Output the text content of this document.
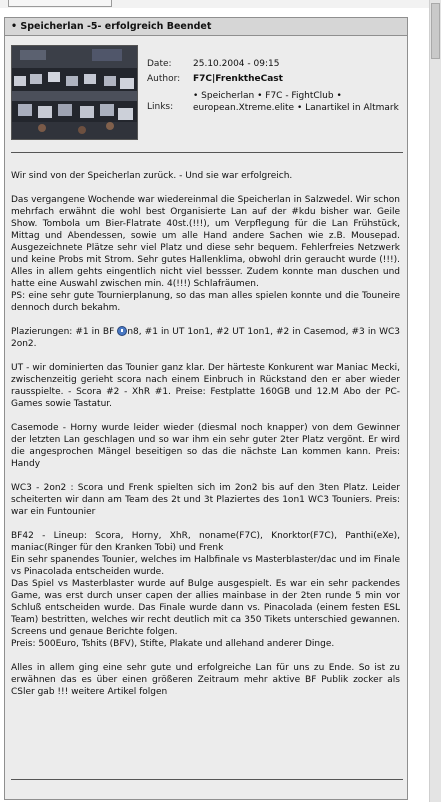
• Speicherlan -5- erfolgreich Beendet
Date: 25.10.2004 - 09:15
Author: F7C|FrenktheCast
Links:
• Speicherlan • F7C - FightClub • european.Xtreme.elite • Lanartikel in Altmark

Wir sind von der Speicherlan zurück. - Und sie war erfolgreich.

Das vergangene Wochende war wiedereinmal die Speicherlan in Salzwedel. Wir schon mehrfach erwähnt die wohl best Organisierte Lan auf der #kdu bisher war. Geile Show. Tombola um Bier-Flatrate 40st.(!!!), um Verpflegung für die Lan Frühstück, Mittag und Abendessen, sowie um alle Hand andere Sachen wie z.B. Mousepad. Ausgezeichnete Plätze sehr viel Platz und diese sehr bequem. Fehlerfreies Netzwerk und keine Probs mit Strom. Sehr gutes Hallenklima, obwohl drin geraucht wurde (!!!). Alles in allem gehts eingentlich nicht viel bessser. Zudem konnte man duschen und hatte eine Auswahl zwischen min. 4(!!!) Schlafräumen.
PS: eine sehr gute Tournierplanung, so das man alles spielen konnte und die Touneire dennoch durch bekahm.

Plazierungen: #1 in BF n8, #1 in UT 1on1, #2 UT 1on1, #2 in Casemod, #3 in WC3 2on2.

UT - wir dominierten das Tounier ganz klar. Der härteste Konkurent war Maniac Mecki, zwischenzeitig gerieht scora nach einem Einbruch in Rückstand den er aber wieder rausspielte. - Scora #2 - XhR #1. Preise: Festplatte 160GB und 12.M Abo der PC-Games sowie Tastatur.

Casemode - Horny wurde leider wieder (diesmal noch knapper) von dem Gewinner der letzten Lan geschlagen und so war ihm ein sehr guter 2ter Platz vergönt. Er wird die angesprochen Mängel beseitigen so das die nächste Lan kommen kann. Preis: Handy

WC3 - 2on2 : Scora und Frenk spielten sich im 2on2 bis auf den 3ten Platz. Leider scheiterten wir dann am Team des 2t und 3t Plaziertes des 1on1 WC3 Touniers. Preis: war ein Funtounier

BF42 - Lineup: Scora, Horny, XhR, noname(F7C), Knorktor(F7C), Panthi(eXe), maniac(Ringer für den Kranken Tobi) und Frenk
Ein sehr spanendes Tounier, welches im Halbfinale vs Masterblaster/dac und im Finale vs Pinacolada entscheiden wurde.
Das Spiel vs Masterblaster wurde auf Bulge ausgespielt. Es war ein sehr packendes Game, was erst durch unser capen der allies mainbase in der 2ten runde 5 min vor Schluß entscheiden wurde. Das Finale wurde dann vs. Pinacolada (einem festen ESL Team) bestritten, welches wir recht deutlich mit ca 350 Tikets unterschied gewannen. Screens und genaue Berichte folgen.
Preis: 500Euro, Tshits (BFV), Stifte, Plakate und allehand anderer Dinge.

Alles in allem ging eine sehr gute und erfolgreiche Lan für uns zu Ende. So ist zu erwähnen das es über einen größeren Zeitraum mehr aktive BF Publik zocker als CSler gab !!! weitere Artikel folgen
